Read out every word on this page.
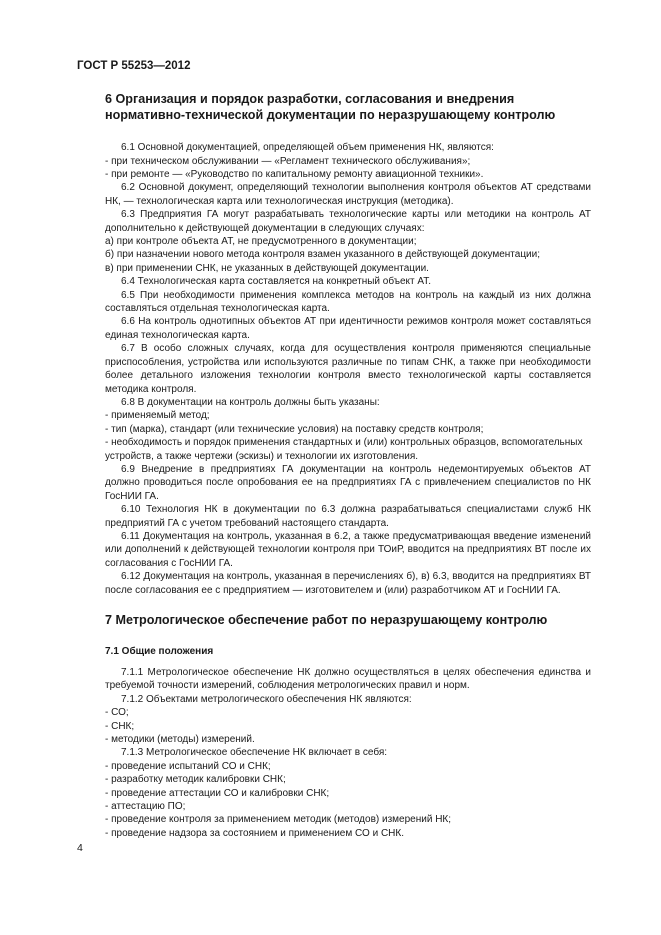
ГОСТ Р 55253—2012
6 Организация и порядок разработки, согласования и внедрения нормативно-технической документации по неразрушающему контролю
6.1 Основной документацией, определяющей объем применения НК, являются:
- при техническом обслуживании — «Регламент технического обслуживания»;
- при ремонте — «Руководство по капитальному ремонту авиационной техники».
6.2 Основной документ, определяющий технологии выполнения контроля объектов АТ средствами НК, — технологическая карта или технологическая инструкция (методика).
6.3 Предприятия ГА могут разрабатывать технологические карты или методики на контроль АТ дополнительно к действующей документации в следующих случаях:
а) при контроле объекта АТ, не предусмотренного в документации;
б) при назначении нового метода контроля взамен указанного в действующей документации;
в) при применении СНК, не указанных в действующей документации.
6.4 Технологическая карта составляется на конкретный объект АТ.
6.5 При необходимости применения комплекса методов на контроль на каждый из них должна составляться отдельная технологическая карта.
6.6 На контроль однотипных объектов АТ при идентичности режимов контроля может составляться единая технологическая карта.
6.7 В особо сложных случаях, когда для осуществления контроля применяются специальные приспособления, устройства или используются различные по типам СНК, а также при необходимости более детального изложения технологии контроля вместо технологической карты составляется методика контроля.
6.8 В документации на контроль должны быть указаны:
- применяемый метод;
- тип (марка), стандарт (или технические условия) на поставку средств контроля;
- необходимость и порядок применения стандартных и (или) контрольных образцов, вспомогательных устройств, а также чертежи (эскизы) и технологии их изготовления.
6.9 Внедрение в предприятиях ГА документации на контроль недемонтируемых объектов АТ должно проводиться после опробования ее на предприятиях ГА с привлечением специалистов по НК ГосНИИ ГА.
6.10 Технология НК в документации по 6.3 должна разрабатываться специалистами служб НК предприятий ГА с учетом требований настоящего стандарта.
6.11 Документация на контроль, указанная в 6.2, а также предусматривающая введение изменений или дополнений к действующей технологии контроля при ТОиР, вводится на предприятиях ВТ после их согласования с ГосНИИ ГА.
6.12 Документация на контроль, указанная в перечислениях б), в) 6.3, вводится на предприятиях ВТ после согласования ее с предприятием — изготовителем и (или) разработчиком АТ и ГосНИИ ГА.
7 Метрологическое обеспечение работ по неразрушающему контролю
7.1 Общие положения
7.1.1 Метрологическое обеспечение НК должно осуществляться в целях обеспечения единства и требуемой точности измерений, соблюдения метрологических правил и норм.
7.1.2 Объектами метрологического обеспечения НК являются:
- СО;
- СНК;
- методики (методы) измерений.
7.1.3 Метрологическое обеспечение НК включает в себя:
- проведение испытаний СО и СНК;
- разработку методик калибровки СНК;
- проведение аттестации СО и калибровки СНК;
- аттестацию ПО;
- проведение контроля за применением методик (методов) измерений НК;
- проведение надзора за состоянием и применением СО и СНК.
4
